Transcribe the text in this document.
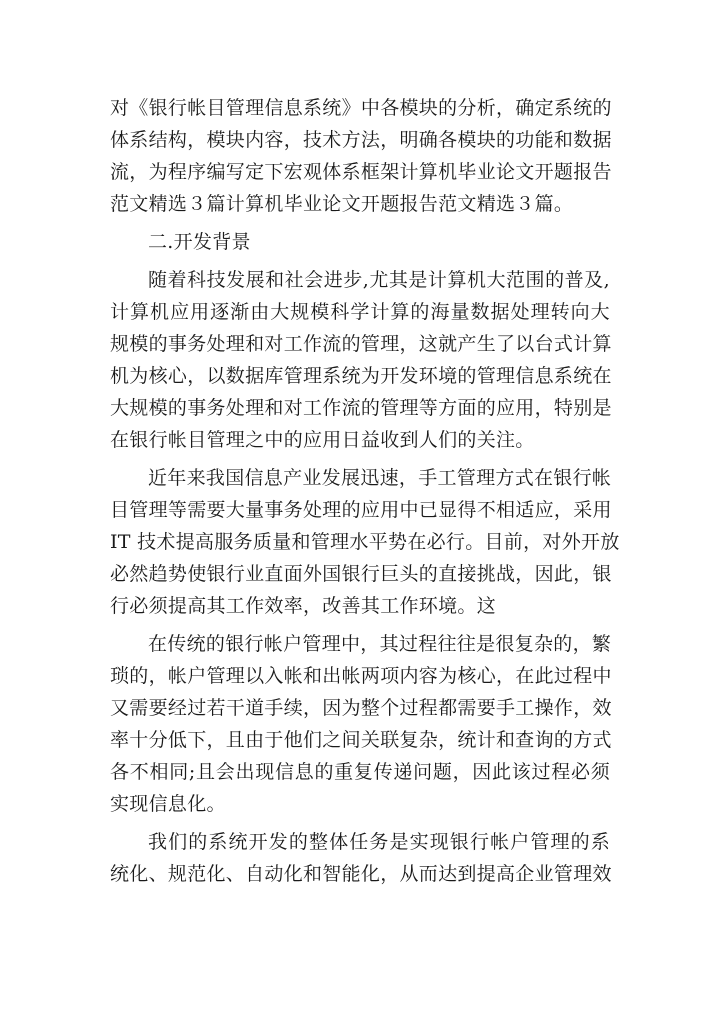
对《银行帐目管理信息系统》中各模块的分析，确定系统的
体系结构，模块内容，技术方法，明确各模块的功能和数据
流，为程序编写定下宏观体系框架计算机毕业论文开题报告
范文精选３篇计算机毕业论文开题报告范文精选３篇。
二.开发背景
随着科技发展和社会进步,尤其是计算机大范围的普及,
计算机应用逐渐由大规模科学计算的海量数据处理转向大
规模的事务处理和对工作流的管理，这就产生了以台式计算
机为核心，以数据库管理系统为开发环境的管理信息系统在
大规模的事务处理和对工作流的管理等方面的应用，特别是
在银行帐目管理之中的应用日益收到人们的关注。
近年来我国信息产业发展迅速，手工管理方式在银行帐
目管理等需要大量事务处理的应用中已显得不相适应，采用
IT 技术提高服务质量和管理水平势在必行。目前，对外开放
必然趋势使银行业直面外国银行巨头的直接挑战，因此，银
行必须提高其工作效率，改善其工作环境。这
在传统的银行帐户管理中，其过程往往是很复杂的，繁
琐的，帐户管理以入帐和出帐两项内容为核心，在此过程中
又需要经过若干道手续，因为整个过程都需要手工操作，效
率十分低下，且由于他们之间关联复杂，统计和查询的方式
各不相同;且会出现信息的重复传递问题，因此该过程必须
实现信息化。
我们的系统开发的整体任务是实现银行帐户管理的系
统化、规范化、自动化和智能化，从而达到提高企业管理效
